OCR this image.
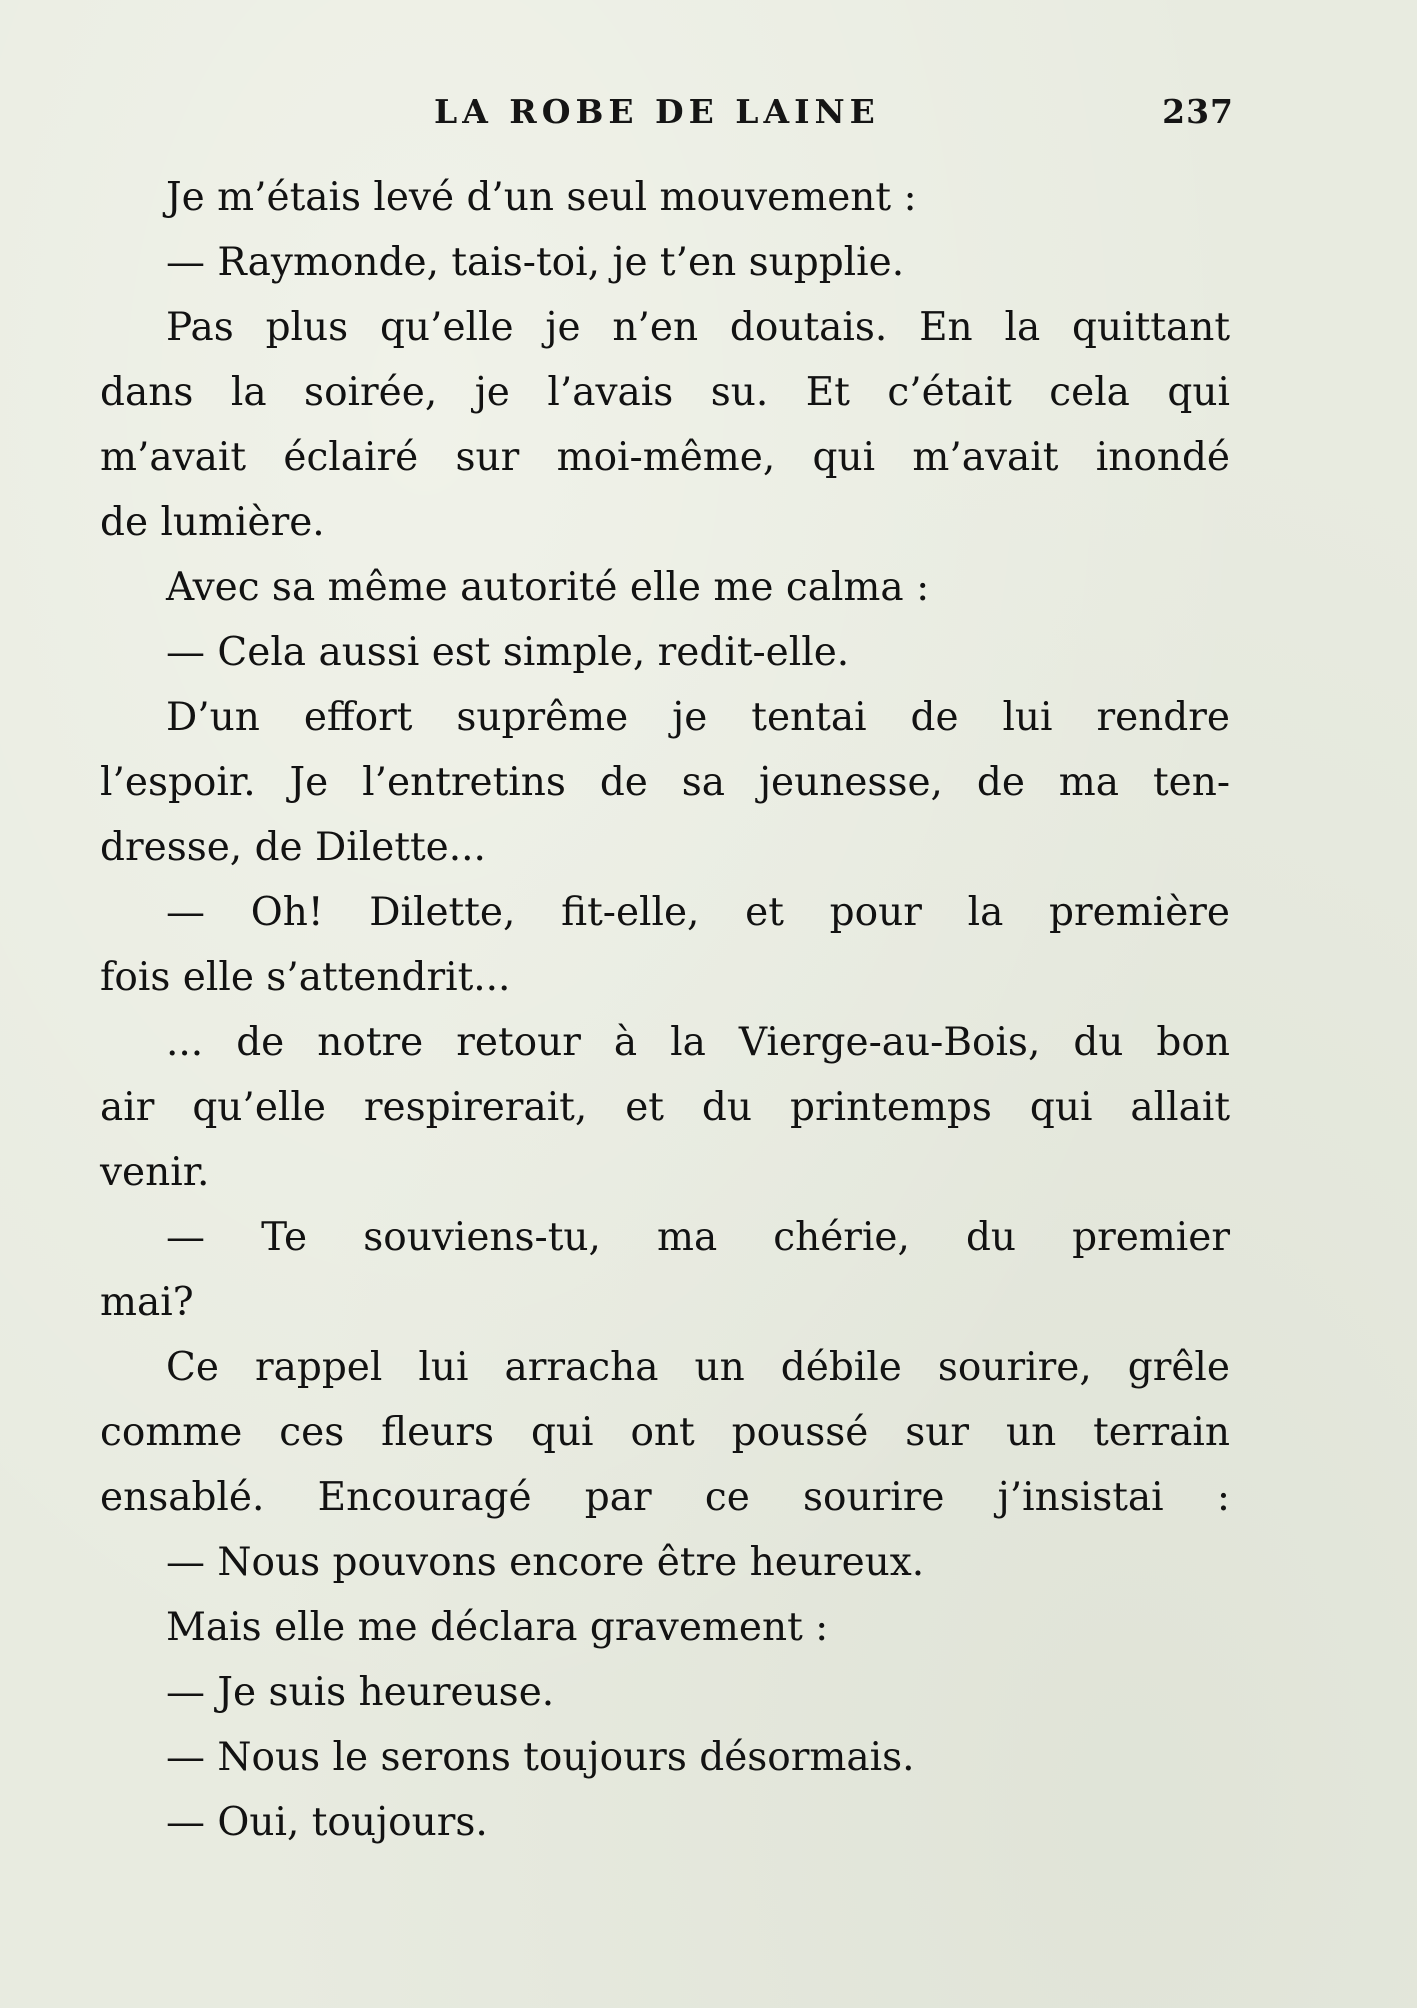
LA ROBE DE LAINE	237
Je m’étais levé d’un seul mouvement :
— Raymonde, tais-toi, je t’en supplie.
Pas plus qu’elle je n’en doutais. En la quittant
dans la soirée, je l’avais su. Et c’était cela qui
m’avait éclairé sur moi-même, qui m’avait inondé
de lumière.
Avec sa même autorité elle me calma :
— Cela aussi est simple, redit-elle.
D’un effort suprême je tentai de lui rendre
l’espoir. Je l’entretins de sa jeunesse, de ma ten-
dresse, de Dilette...
— Oh! Dilette, fit-elle, et pour la première
fois elle s’attendrit...
... de notre retour à la Vierge-au-Bois, du bon
air qu’elle respirerait, et du printemps qui allait
venir.
— Te souviens-tu, ma chérie, du premier
mai?
Ce rappel lui arracha un débile sourire, grêle
comme ces fleurs qui ont poussé sur un terrain
ensablé. Encouragé par ce sourire j’insistai :
— Nous pouvons encore être heureux.
Mais elle me déclara gravement :
— Je suis heureuse.
— Nous le serons toujours désormais.
— Oui, toujours.
